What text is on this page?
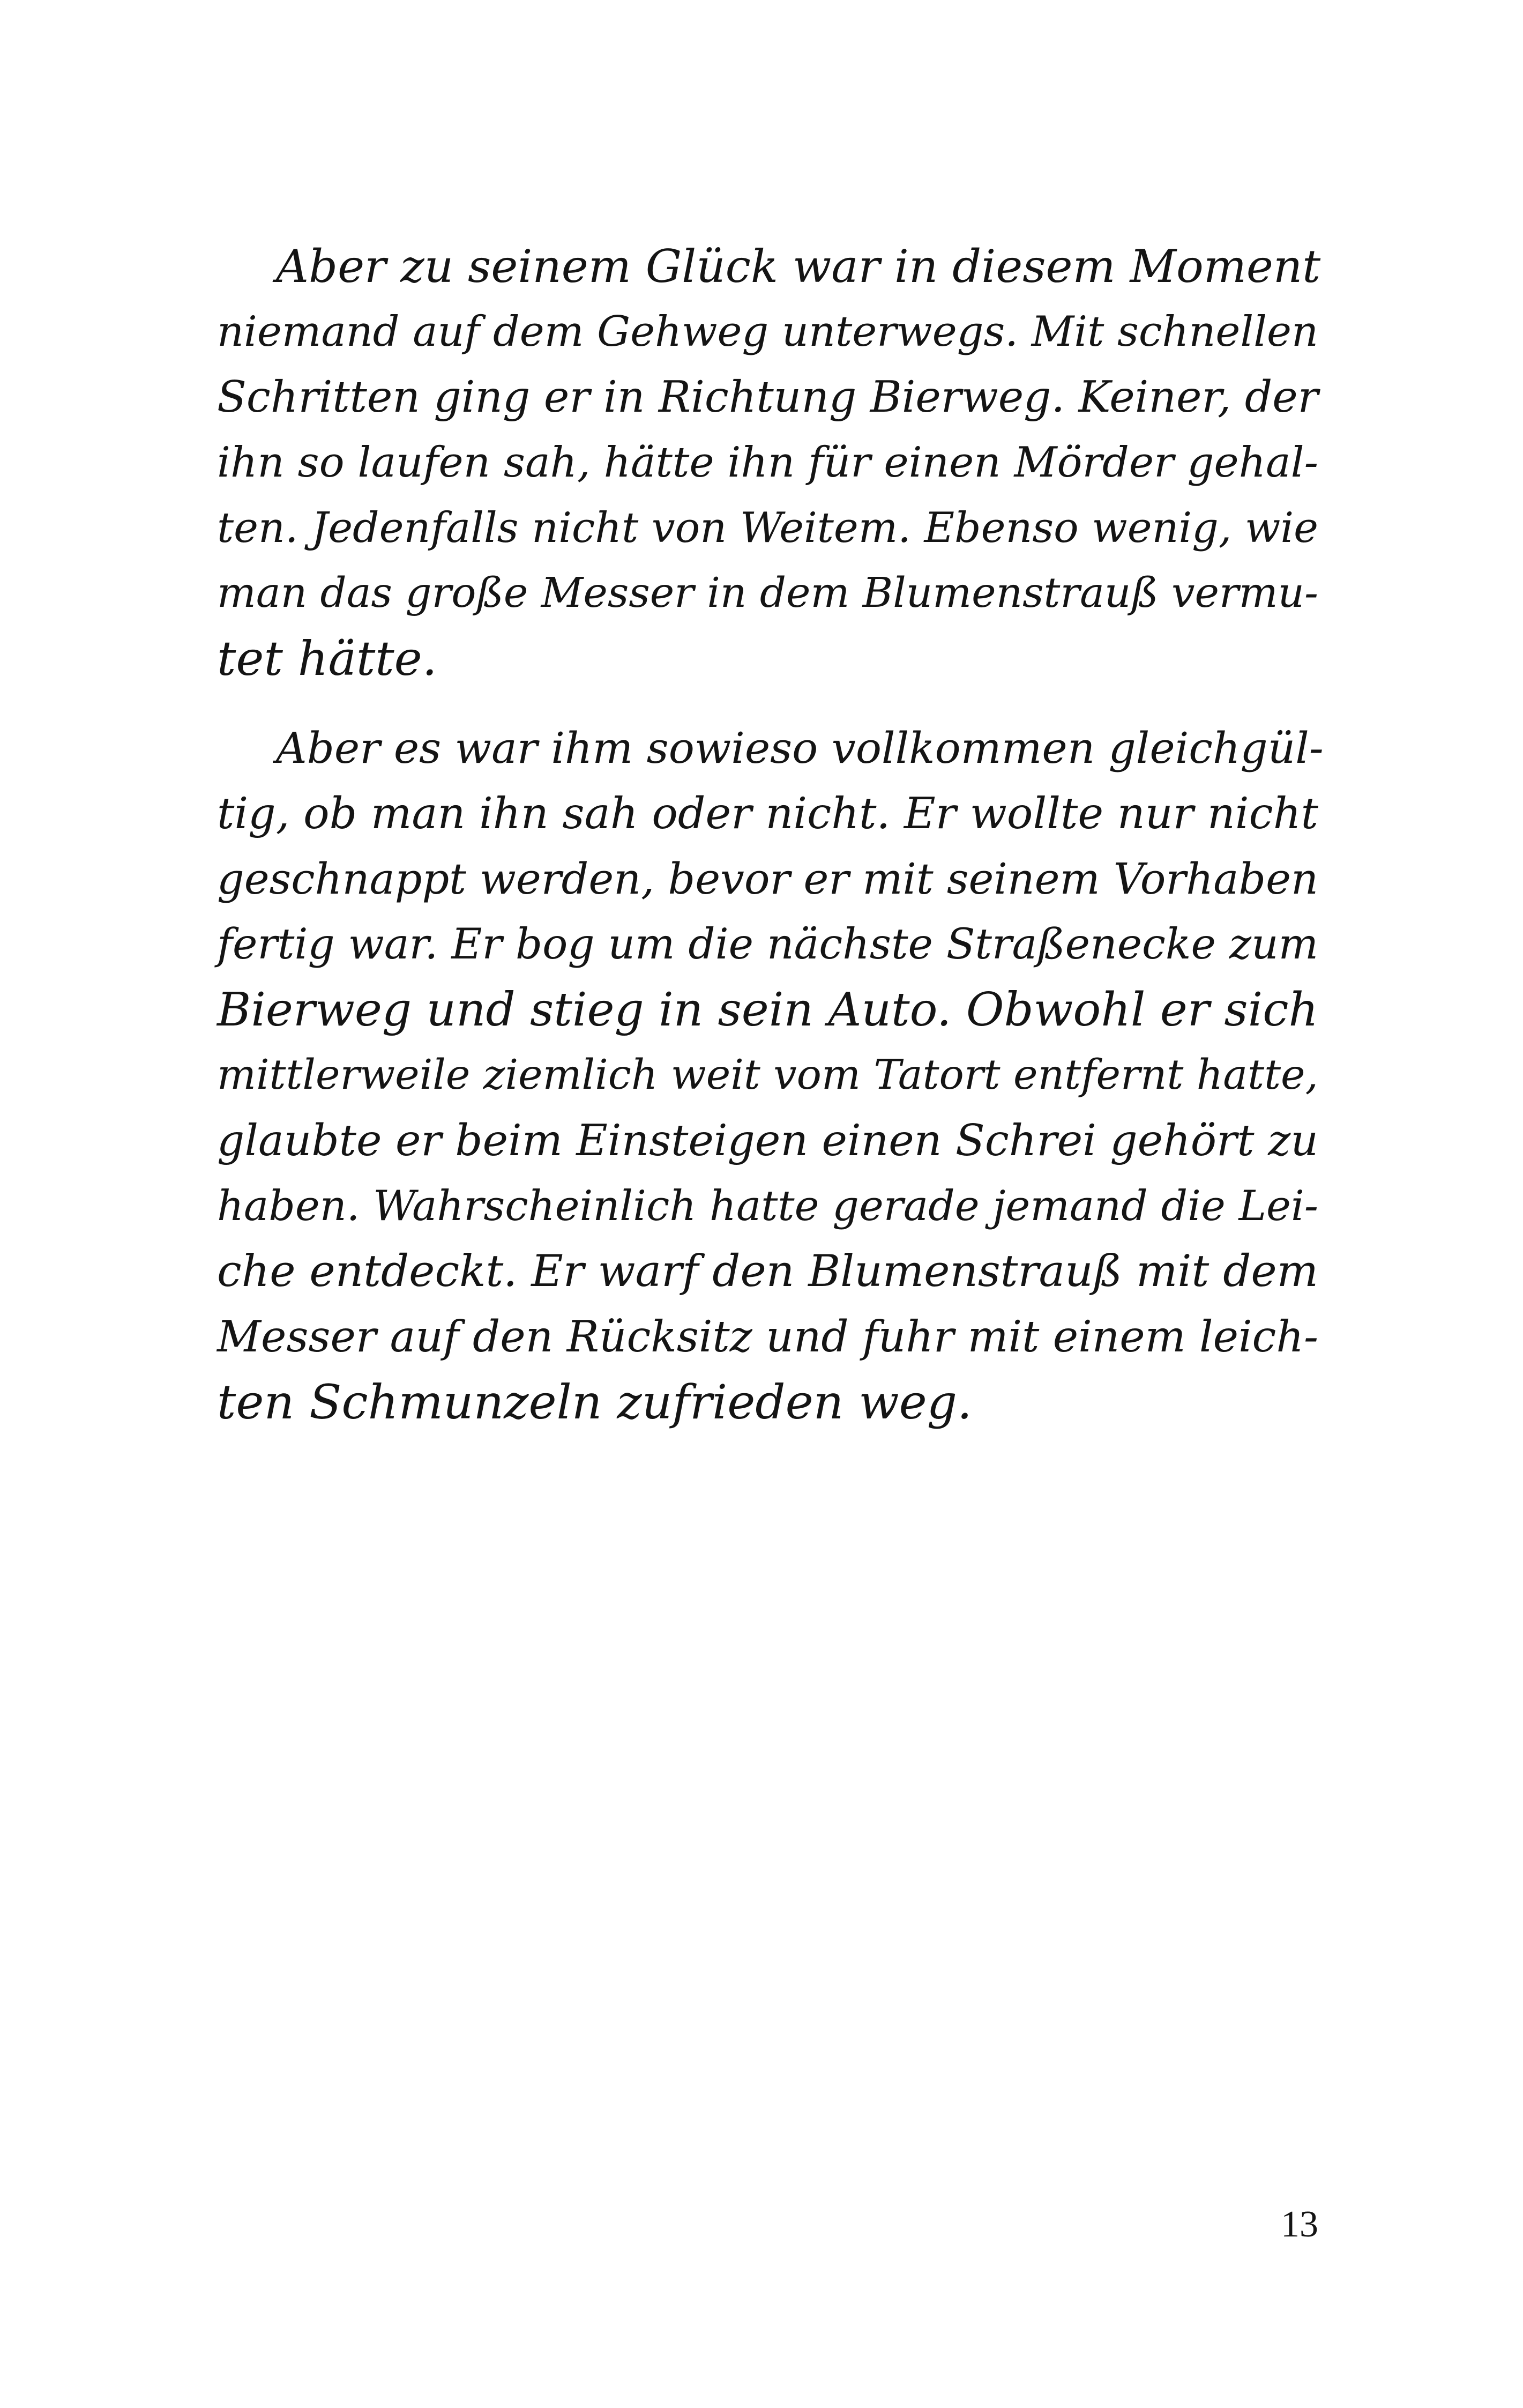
Aber zu seinem Glück war in diesem Moment
niemand auf dem Gehweg unterwegs. Mit schnellen
Schritten ging er in Richtung Bierweg. Keiner, der
ihn so laufen sah, hätte ihn für einen Mörder gehal-
ten. Jedenfalls nicht von Weitem. Ebenso wenig, wie
man das große Messer in dem Blumenstrauß vermu-
tet hätte.

Aber es war ihm sowieso vollkommen gleichgül-
tig, ob man ihn sah oder nicht. Er wollte nur nicht
geschnappt werden, bevor er mit seinem Vorhaben
fertig war. Er bog um die nächste Straßenecke zum
Bierweg und stieg in sein Auto. Obwohl er sich
mittlerweile ziemlich weit vom Tatort entfernt hatte,
glaubte er beim Einsteigen einen Schrei gehört zu
haben. Wahrscheinlich hatte gerade jemand die Lei-
che entdeckt. Er warf den Blumenstrauß mit dem
Messer auf den Rücksitz und fuhr mit einem leich-
ten Schmunzeln zufrieden weg.

13
